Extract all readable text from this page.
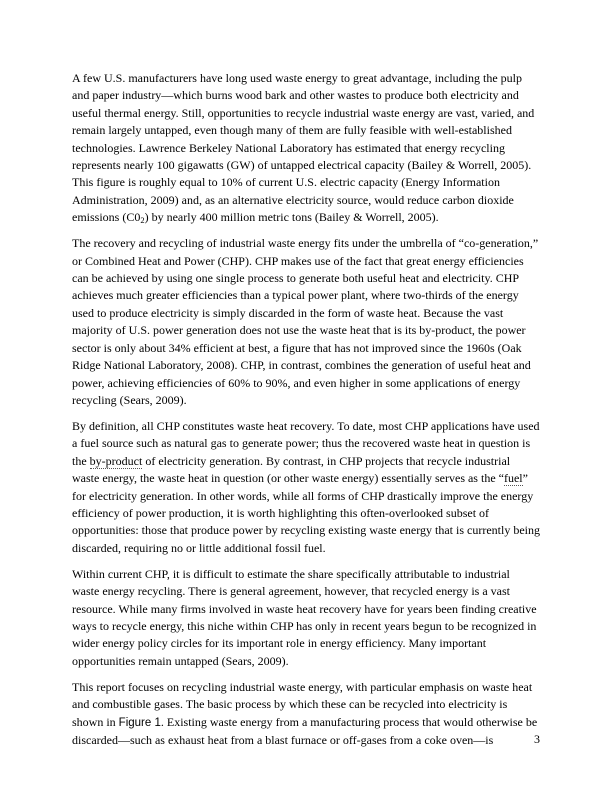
A few U.S. manufacturers have long used waste energy to great advantage, including the pulp and paper industry—which burns wood bark and other wastes to produce both electricity and useful thermal energy. Still, opportunities to recycle industrial waste energy are vast, varied, and remain largely untapped, even though many of them are fully feasible with well-established technologies. Lawrence Berkeley National Laboratory has estimated that energy recycling represents nearly 100 gigawatts (GW) of untapped electrical capacity (Bailey & Worrell, 2005). This figure is roughly equal to 10% of current U.S. electric capacity (Energy Information Administration, 2009) and, as an alternative electricity source, would reduce carbon dioxide emissions $(C0_2)$ by nearly 400 million metric tons (Bailey & Worrell, 2005).

The recovery and recycling of industrial waste energy fits under the umbrella of “co-generation,” or Combined Heat and Power (CHP). CHP makes use of the fact that great energy efficiencies can be achieved by using one single process to generate both useful heat and electricity. CHP achieves much greater efficiencies than a typical power plant, where two-thirds of the energy used to produce electricity is simply discarded in the form of waste heat. Because the vast majority of U.S. power generation does not use the waste heat that is its by-product, the power sector is only about 34% efficient at best, a figure that has not improved since the 1960s (Oak Ridge National Laboratory, 2008). CHP, in contrast, combines the generation of useful heat and power, achieving efficiencies of 60% to 90%, and even higher in some applications of energy recycling (Sears, 2009).

By definition, all CHP constitutes waste heat recovery. To date, most CHP applications have used a fuel source such as natural gas to generate power; thus the recovered waste heat in question is the by-product of electricity generation. By contrast, in CHP projects that recycle industrial waste energy, the waste heat in question (or other waste energy) essentially serves as the “fuel” for electricity generation. In other words, while all forms of CHP drastically improve the energy efficiency of power production, it is worth highlighting this often-overlooked subset of opportunities: those that produce power by recycling existing waste energy that is currently being discarded, requiring no or little additional fossil fuel.

Within current CHP, it is difficult to estimate the share specifically attributable to industrial waste energy recycling. There is general agreement, however, that recycled energy is a vast resource. While many firms involved in waste heat recovery have for years been finding creative ways to recycle energy, this niche within CHP has only in recent years begun to be recognized in wider energy policy circles for its important role in energy efficiency. Many important opportunities remain untapped (Sears, 2009).

This report focuses on recycling industrial waste energy, with particular emphasis on waste heat and combustible gases. The basic process by which these can be recycled into electricity is shown in Figure 1. Existing waste energy from a manufacturing process that would otherwise be discarded—such as exhaust heat from a blast furnace or off-gases from a coke oven—is	3
